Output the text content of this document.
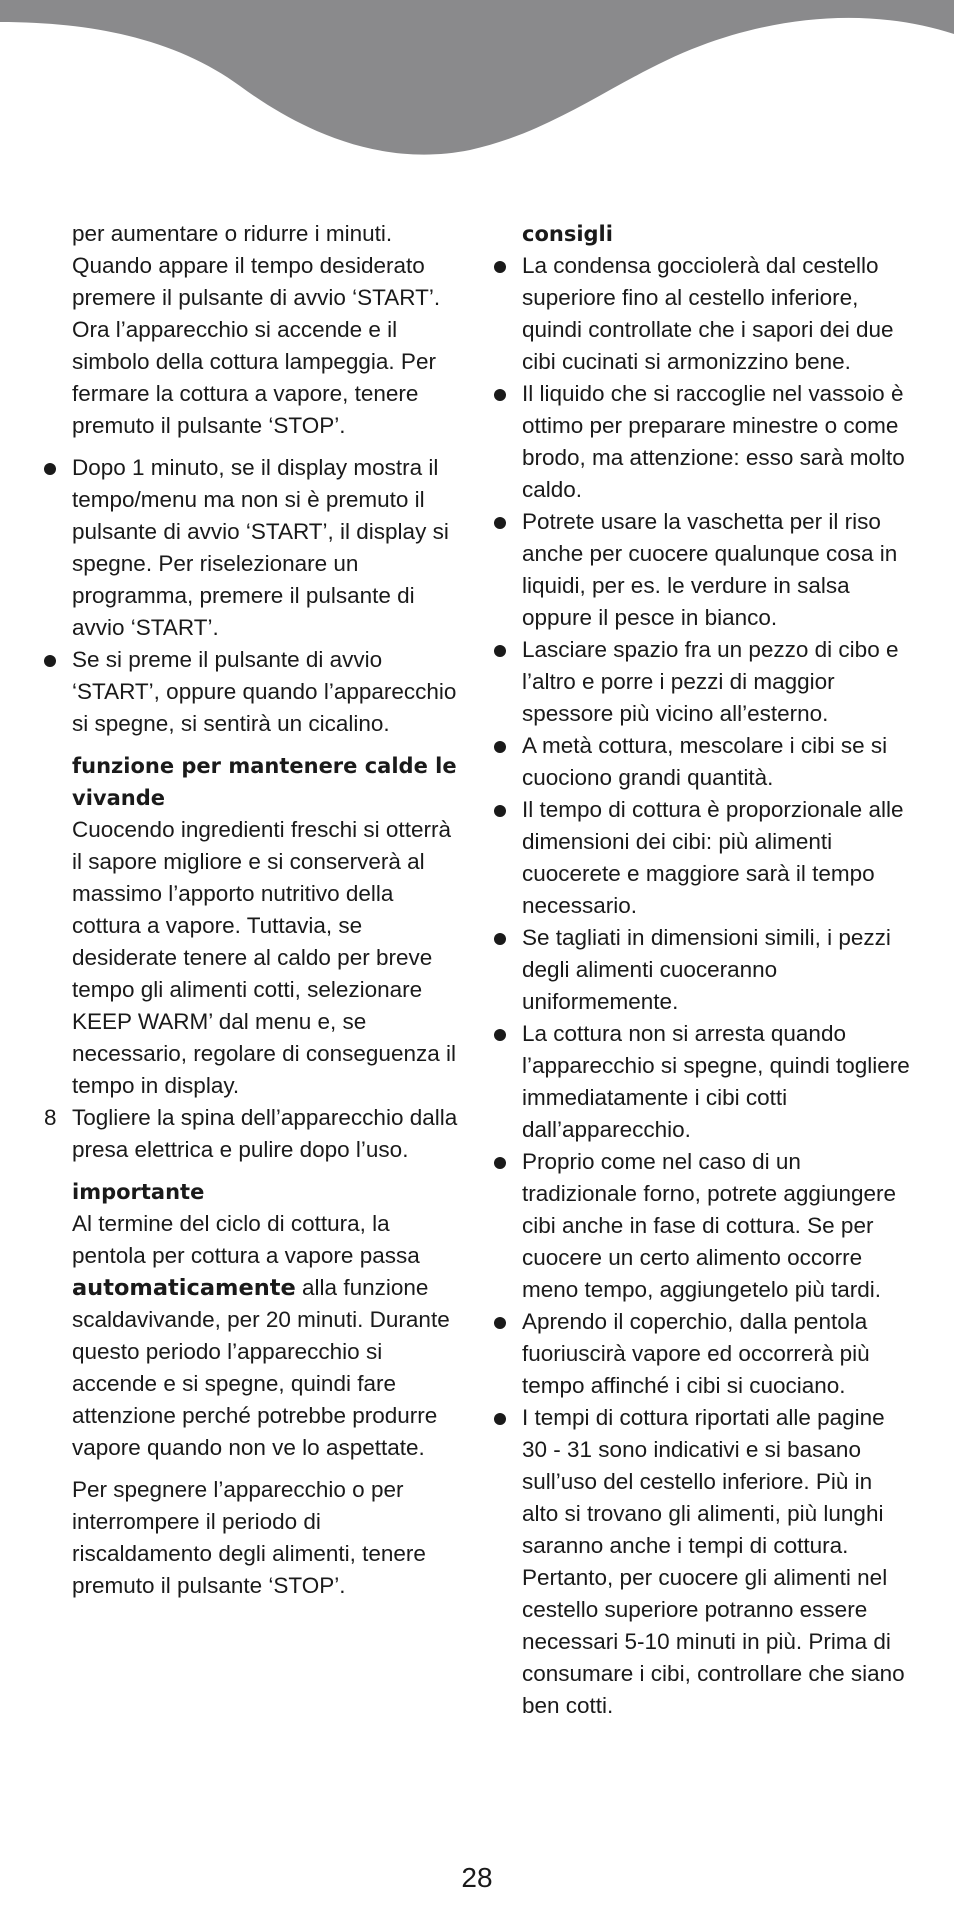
per aumentare o ridurre i minuti. Quando appare il tempo desiderato premere il pulsante di avvio ‘START’. Ora l’apparecchio si accende e il simbolo della cottura lampeggia. Per fermare la cottura a vapore, tenere premuto il pulsante ‘STOP’.

Dopo 1 minuto, se il display mostra il tempo/menu ma non si è premuto il pulsante di avvio ‘START’, il display si spegne. Per riselezionare un programma, premere il pulsante di avvio ‘START’.
Se si preme il pulsante di avvio ‘START’, oppure quando l’apparecchio si spegne, si sentirà un cicalino.

funzione per mantenere calde le vivande

Cuocendo ingredienti freschi si otterrà il sapore migliore e si conserverà al massimo l’apporto nutritivo della cottura a vapore. Tuttavia, se desiderate tenere al caldo per breve tempo gli alimenti cotti, selezionare KEEP WARM’ dal menu e, se necessario, regolare di conseguenza il tempo in display.

8 Togliere la spina dell’apparecchio dalla presa elettrica e pulire dopo l’uso.

importante

Al termine del ciclo di cottura, la pentola per cottura a vapore passa automaticamente alla funzione scaldavivande, per 20 minuti. Durante questo periodo l’apparecchio si accende e si spegne, quindi fare attenzione perché potrebbe produrre vapore quando non ve lo aspettate.

Per spegnere l’apparecchio o per interrompere il periodo di riscaldamento degli alimenti, tenere premuto il pulsante ‘STOP’.

consigli

La condensa gocciolerà dal cestello superiore fino al cestello inferiore, quindi controllate che i sapori dei due cibi cucinati si armonizzino bene.
Il liquido che si raccoglie nel vassoio è ottimo per preparare minestre o come brodo, ma attenzione: esso sarà molto caldo.
Potrete usare la vaschetta per il riso anche per cuocere qualunque cosa in liquidi, per es. le verdure in salsa oppure il pesce in bianco.
Lasciare spazio fra un pezzo di cibo e l’altro e porre i pezzi di maggior spessore più vicino all’esterno.
A metà cottura, mescolare i cibi se si cuociono grandi quantità.
Il tempo di cottura è proporzionale alle dimensioni dei cibi: più alimenti cuocerete e maggiore sarà il tempo necessario.
Se tagliati in dimensioni simili, i pezzi degli alimenti cuoceranno uniformemente.
La cottura non si arresta quando l’apparecchio si spegne, quindi togliere immediatamente i cibi cotti dall’apparecchio.
Proprio come nel caso di un tradizionale forno, potrete aggiungere cibi anche in fase di cottura. Se per cuocere un certo alimento occorre meno tempo, aggiungetelo più tardi.
Aprendo il coperchio, dalla pentola fuoriuscirà vapore ed occorrerà più tempo affinché i cibi si cuociano.
I tempi di cottura riportati alle pagine 30 - 31 sono indicativi e si basano sull’uso del cestello inferiore. Più in alto si trovano gli alimenti, più lunghi saranno anche i tempi di cottura. Pertanto, per cuocere gli alimenti nel cestello superiore potranno essere necessari 5-10 minuti in più. Prima di consumare i cibi, controllare che siano ben cotti.
28
